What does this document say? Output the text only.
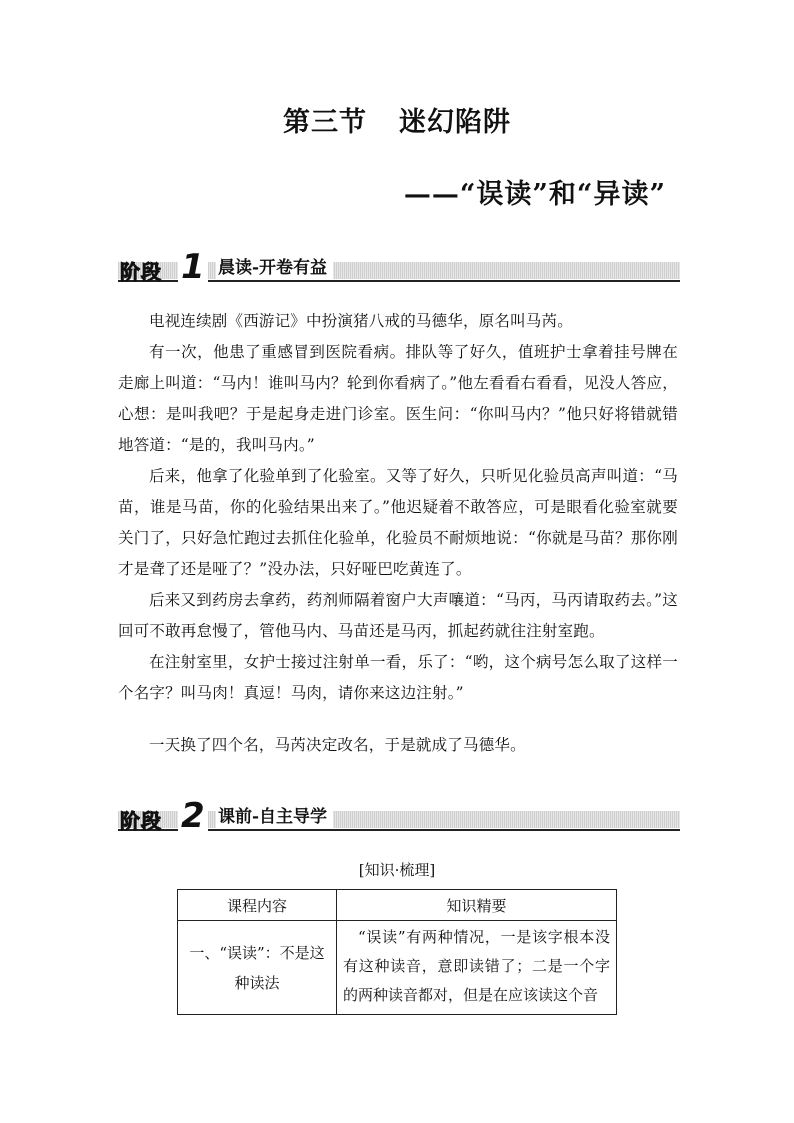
第三节 迷幻陷阱
——“误读”和“异读”
阶段 1 晨读-开卷有益

电视连续剧《西游记》中扮演猪八戒的马德华，原名叫马芮。

有一次，他患了重感冒到医院看病。排队等了好久，值班护士拿着挂号牌在走廊上叫道：“马内！谁叫马内？轮到你看病了。”他左看看右看看，见没人答应，心想：是叫我吧？于是起身走进门诊室。医生问：“你叫马内？”他只好将错就错地答道：“是的，我叫马内。”

后来，他拿了化验单到了化验室。又等了好久，只听见化验员高声叫道：“马苗，谁是马苗，你的化验结果出来了。”他迟疑着不敢答应，可是眼看化验室就要关门了，只好急忙跑过去抓住化验单，化验员不耐烦地说：“你就是马苗？那你刚才是聋了还是哑了？”没办法，只好哑巴吃黄连了。

后来又到药房去拿药，药剂师隔着窗户大声嚷道：“马丙，马丙请取药去。”这回可不敢再怠慢了，管他马内、马苗还是马丙，抓起药就往注射室跑。

在注射室里，女护士接过注射单一看，乐了：“哟，这个病号怎么取了这样一个名字？叫马肉！真逗！马肉，请你来这边注射。”

一天换了四个名，马芮决定改名，于是就成了马德华。

阶段 2 课前-自主导学
[知识·梳理]
课程内容	知识精要
一、“误读”：不是这种读法	“误读”有两种情况，一是该字根本没有这种读音，意即读错了；二是一个字的两种读音都对，但是在应该读这个音
